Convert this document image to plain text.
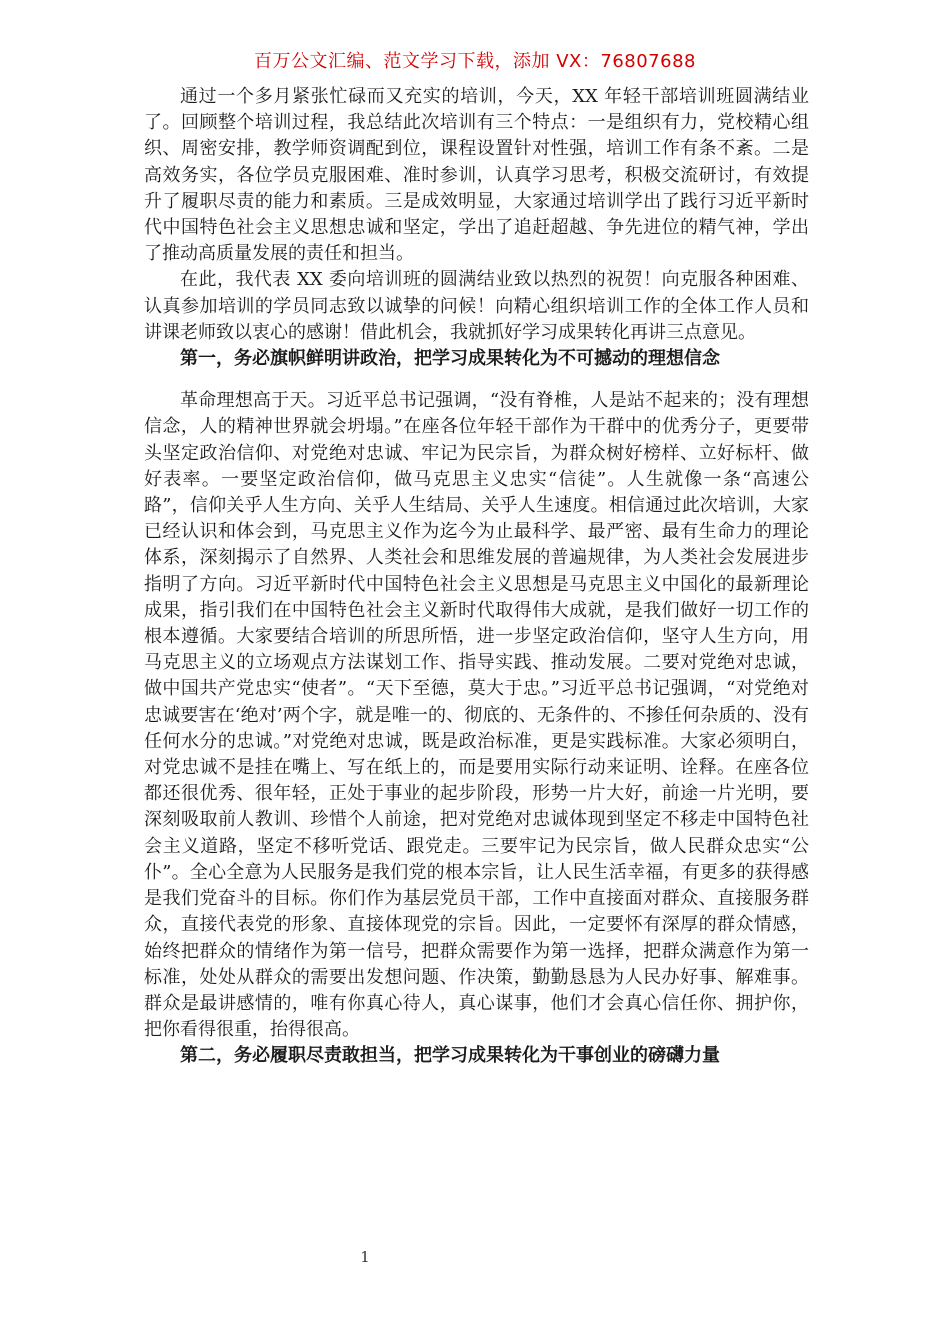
百万公文汇编、范文学习下载，添加 VX：76807688

通过一个多月紧张忙碌而又充实的培训，今天，XX 年轻干部培训班圆满结业了。回顾整个培训过程，我总结此次培训有三个特点：一是组织有力，党校精心组织、周密安排，教学师资调配到位，课程设置针对性强，培训工作有条不紊。二是高效务实，各位学员克服困难、准时参训，认真学习思考，积极交流研讨，有效提升了履职尽责的能力和素质。三是成效明显，大家通过培训学出了践行习近平新时代中国特色社会主义思想忠诚和坚定，学出了追赶超越、争先进位的精气神，学出了推动高质量发展的责任和担当。

在此，我代表 XX 委向培训班的圆满结业致以热烈的祝贺！向克服各种困难、认真参加培训的学员同志致以诚挚的问候！向精心组织培训工作的全体工作人员和讲课老师致以衷心的感谢！借此机会，我就抓好学习成果转化再讲三点意见。

第一，务必旗帜鲜明讲政治，把学习成果转化为不可撼动的理想信念

革命理想高于天。习近平总书记强调，“没有脊椎，人是站不起来的；没有理想信念，人的精神世界就会坍塌。”在座各位年轻干部作为干群中的优秀分子，更要带头坚定政治信仰、对党绝对忠诚、牢记为民宗旨，为群众树好榜样、立好标杆、做好表率。一要坚定政治信仰，做马克思主义忠实“信徒”。人生就像一条“高速公路”，信仰关乎人生方向、关乎人生结局、关乎人生速度。相信通过此次培训，大家已经认识和体会到，马克思主义作为迄今为止最科学、最严密、最有生命力的理论体系，深刻揭示了自然界、人类社会和思维发展的普遍规律，为人类社会发展进步指明了方向。习近平新时代中国特色社会主义思想是马克思主义中国化的最新理论成果，指引我们在中国特色社会主义新时代取得伟大成就，是我们做好一切工作的根本遵循。大家要结合培训的所思所悟，进一步坚定政治信仰，坚守人生方向，用马克思主义的立场观点方法谋划工作、指导实践、推动发展。二要对党绝对忠诚，做中国共产党忠实“使者”。“天下至德，莫大于忠。”习近平总书记强调，“对党绝对忠诚要害在‘绝对’两个字，就是唯一的、彻底的、无条件的、不掺任何杂质的、没有任何水分的忠诚。”对党绝对忠诚，既是政治标准，更是实践标准。大家必须明白，对党忠诚不是挂在嘴上、写在纸上的，而是要用实际行动来证明、诠释。在座各位都还很优秀、很年轻，正处于事业的起步阶段，形势一片大好，前途一片光明，要深刻吸取前人教训、珍惜个人前途，把对党绝对忠诚体现到坚定不移走中国特色社会主义道路，坚定不移听党话、跟党走。三要牢记为民宗旨，做人民群众忠实“公仆”。全心全意为人民服务是我们党的根本宗旨，让人民生活幸福，有更多的获得感是我们党奋斗的目标。你们作为基层党员干部，工作中直接面对群众、直接服务群众，直接代表党的形象、直接体现党的宗旨。因此，一定要怀有深厚的群众情感，始终把群众的情绪作为第一信号，把群众需要作为第一选择，把群众满意作为第一标准，处处从群众的需要出发想问题、作决策，勤勤恳恳为人民办好事、解难事。群众是最讲感情的，唯有你真心待人，真心谋事，他们才会真心信任你、拥护你，把你看得很重，抬得很高。

第二，务必履职尽责敢担当，把学习成果转化为干事创业的磅礴力量

1
